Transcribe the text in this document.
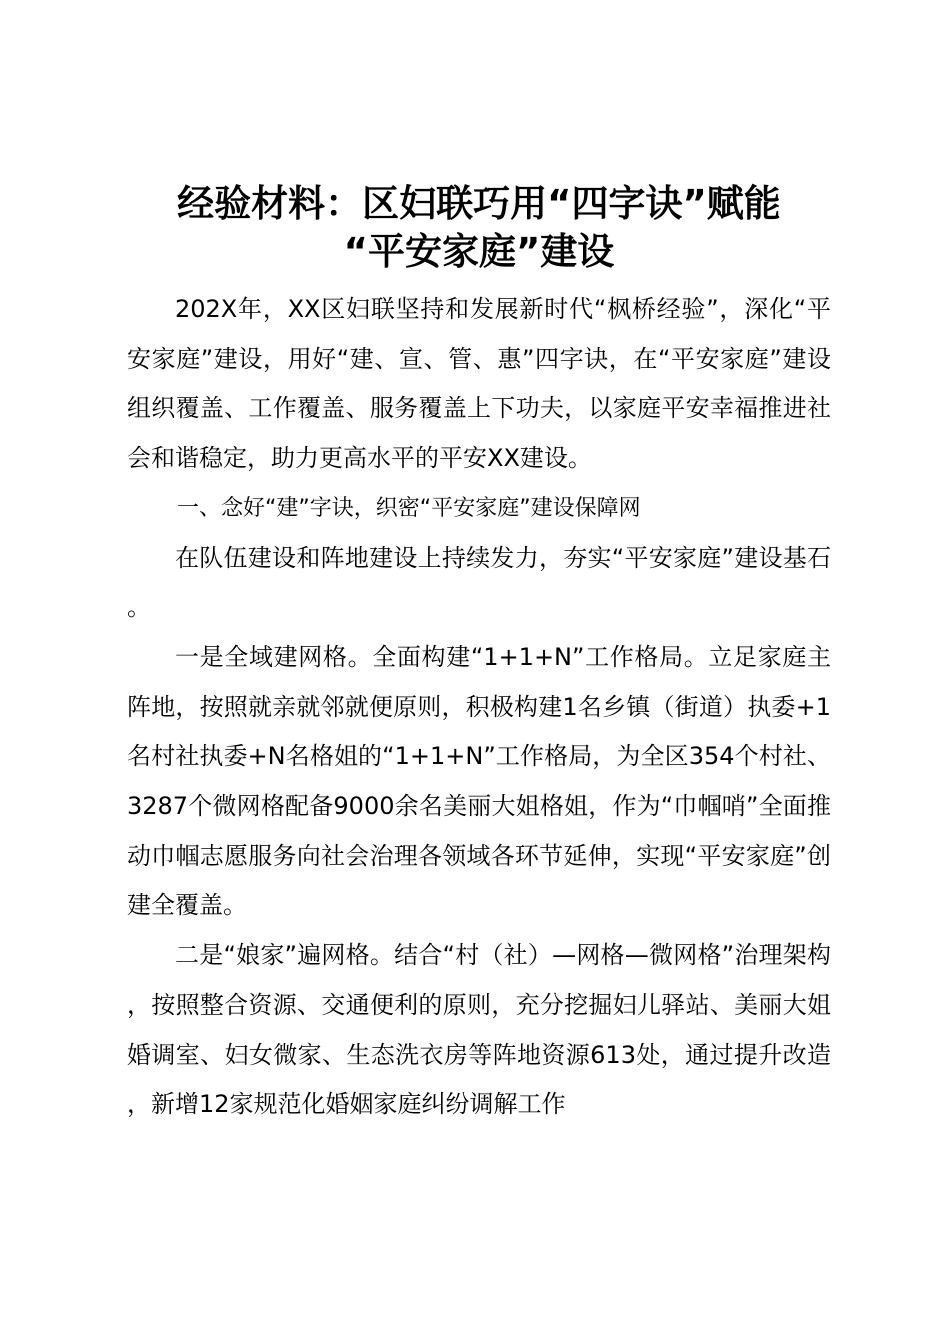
经验材料：区妇联巧用“四字诀”赋能
“平安家庭”建设

202X年，XX区妇联坚持和发展新时代“枫桥经验”，深化“平安家庭”建设，用好“建、宣、管、惠”四字诀，在“平安家庭”建设组织覆盖、工作覆盖、服务覆盖上下功夫，以家庭平安幸福推进社会和谐稳定，助力更高水平的平安XX建设。

一、念好“建”字诀，织密“平安家庭”建设保障网

在队伍建设和阵地建设上持续发力，夯实“平安家庭”建设基石。

一是全域建网格。全面构建“1+1+N”工作格局。立足家庭主阵地，按照就亲就邻就便原则，积极构建1名乡镇（街道）执委+1名村社执委+N名格姐的“1+1+N”工作格局，为全区354个村社、3287个微网格配备9000余名美丽大姐格姐，作为“巾帼哨”全面推动巾帼志愿服务向社会治理各领域各环节延伸，实现“平安家庭”创建全覆盖。

二是“娘家”遍网格。结合“村（社）—网格—微网格”治理架构，按照整合资源、交通便利的原则，充分挖掘妇儿驿站、美丽大姐婚调室、妇女微家、生态洗衣房等阵地资源613处，通过提升改造，新增12家规范化婚姻家庭纠纷调解工作
